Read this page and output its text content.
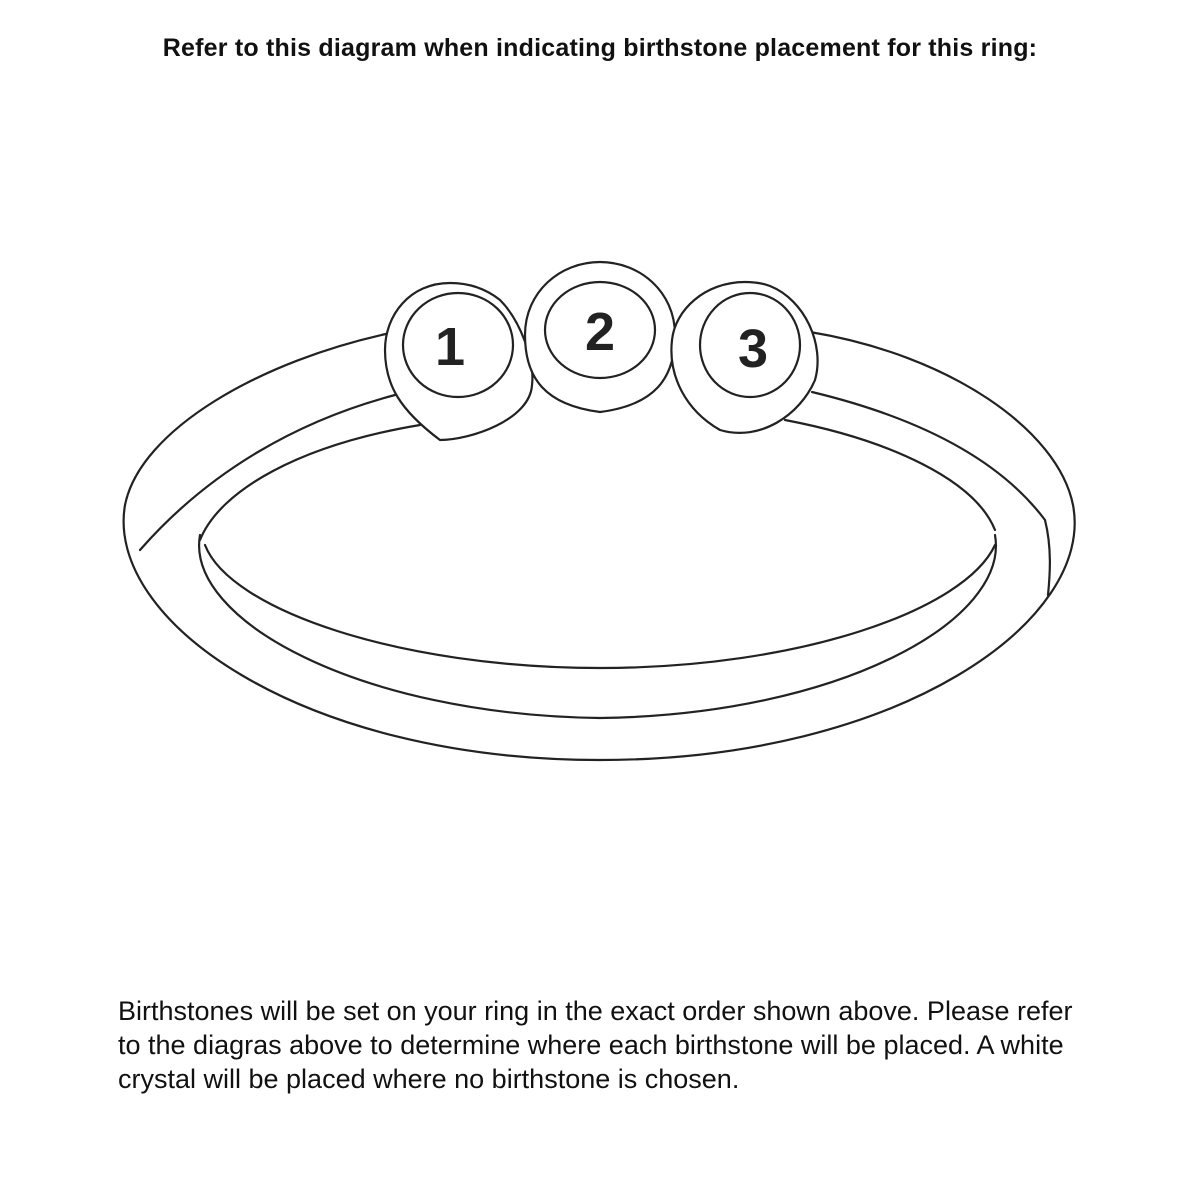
Refer to this diagram when indicating birthstone placement for this ring:
1 2 3

Birthstones will be set on your ring in the exact order shown above. Please refer to the diagras above to determine where each birthstone will be placed. A white crystal will be placed where no birthstone is chosen.
